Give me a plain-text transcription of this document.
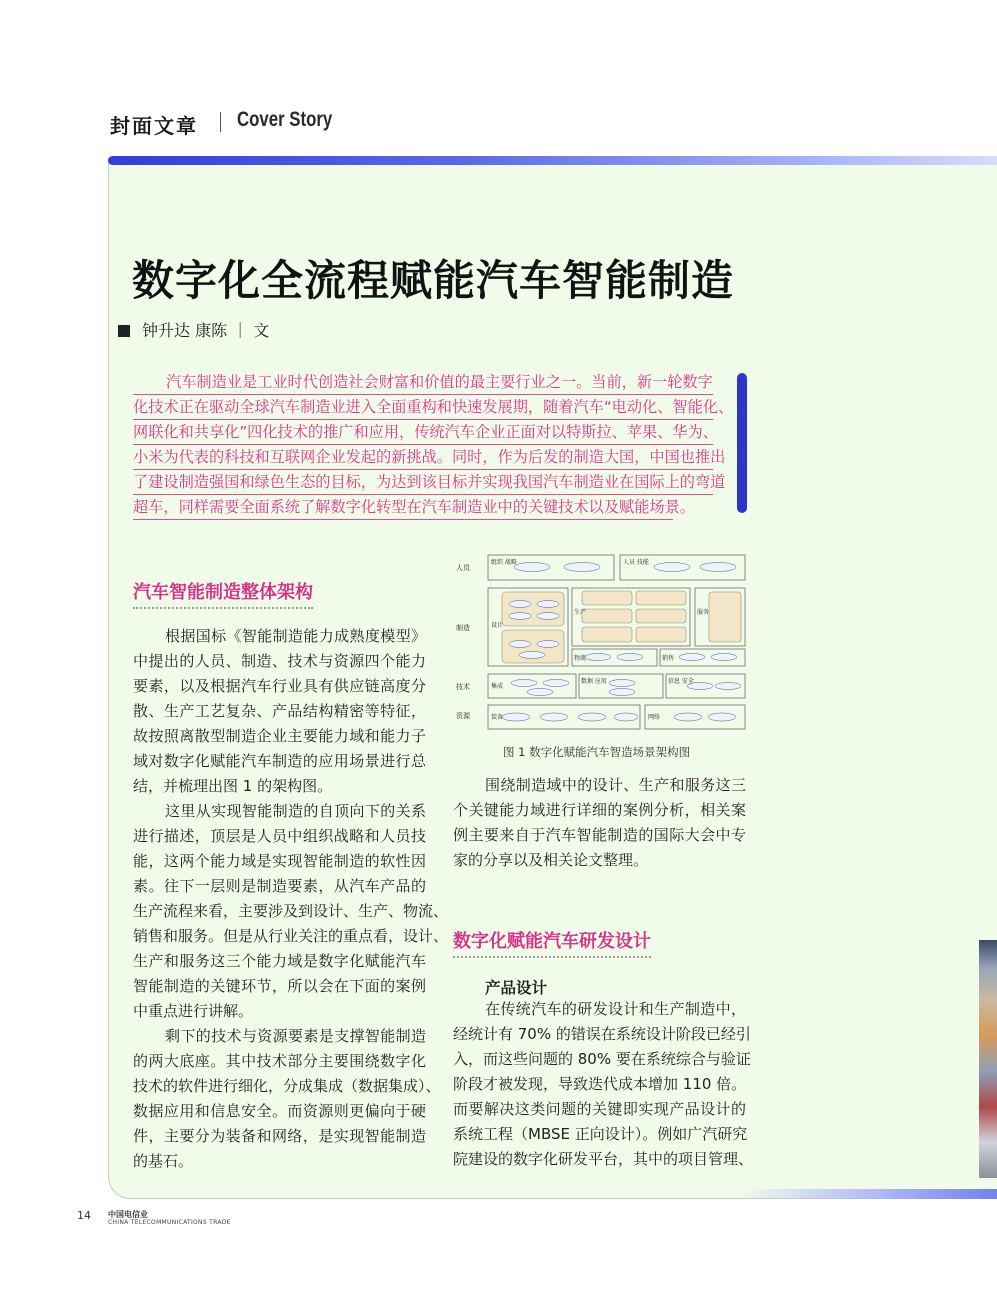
封面文章 Cover Story
数字化全流程赋能汽车智能制造
钟升达 康陈 ｜ 文
汽车制造业是工业时代创造社会财富和价值的最主要行业之一。当前，新一轮数字
化技术正在驱动全球汽车制造业进入全面重构和快速发展期，随着汽车“电动化、智能化、
网联化和共享化”四化技术的推广和应用，传统汽车企业正面对以特斯拉、苹果、华为、
小米为代表的科技和互联网企业发起的新挑战。同时，作为后发的制造大国，中国也推出
了建设制造强国和绿色生态的目标，为达到该目标并实现我国汽车制造业在国际上的弯道
超车，同样需要全面系统了解数字化转型在汽车制造业中的关键技术以及赋能场景。
汽车智能制造整体架构
根据国标《智能制造能力成熟度模型》
中提出的人员、制造、技术与资源四个能力
要素，以及根据汽车行业具有供应链高度分
散、生产工艺复杂、产品结构精密等特征，
故按照离散型制造企业主要能力域和能力子
域对数字化赋能汽车制造的应用场景进行总
结，并梳理出图 1 的架构图。
这里从实现智能制造的自顶向下的关系
进行描述，顶层是人员中组织战略和人员技
能，这两个能力域是实现智能制造的软性因
素。往下一层则是制造要素，从汽车产品的
生产流程来看，主要涉及到设计、生产、物流、
销售和服务。但是从行业关注的重点看，设计、
生产和服务这三个能力域是数字化赋能汽车
智能制造的关键环节，所以会在下面的案例
中重点进行讲解。
剩下的技术与资源要素是支撑智能制造
的两大底座。其中技术部分主要围绕数字化
技术的软件进行细化，分成集成（数据集成）、
数据应用和信息安全。而资源则更偏向于硬
件，主要分为装备和网络，是实现智能制造
的基石。
人员
制造
技术
资源
组织 战略	人员 技能
设计
生产	服务
物流	销售
集成
数据 应用	信息 安全
装备	网络
图 1 数字化赋能汽车智造场景架构图
围绕制造域中的设计、生产和服务这三
个关键能力域进行详细的案例分析，相关案
例主要来自于汽车智能制造的国际大会中专
家的分享以及相关论文整理。
数字化赋能汽车研发设计
产品设计
在传统汽车的研发设计和生产制造中，
经统计有 70% 的错误在系统设计阶段已经引
入，而这些问题的 80% 要在系统综合与验证
阶段才被发现，导致迭代成本增加 110 倍。
而要解决这类问题的关键即实现产品设计的
系统工程（MBSE 正向设计）。例如广汽研究
院建设的数字化研发平台，其中的项目管理、
14 中国电信业
CHINA TELECOMMUNICATIONS TRADE
